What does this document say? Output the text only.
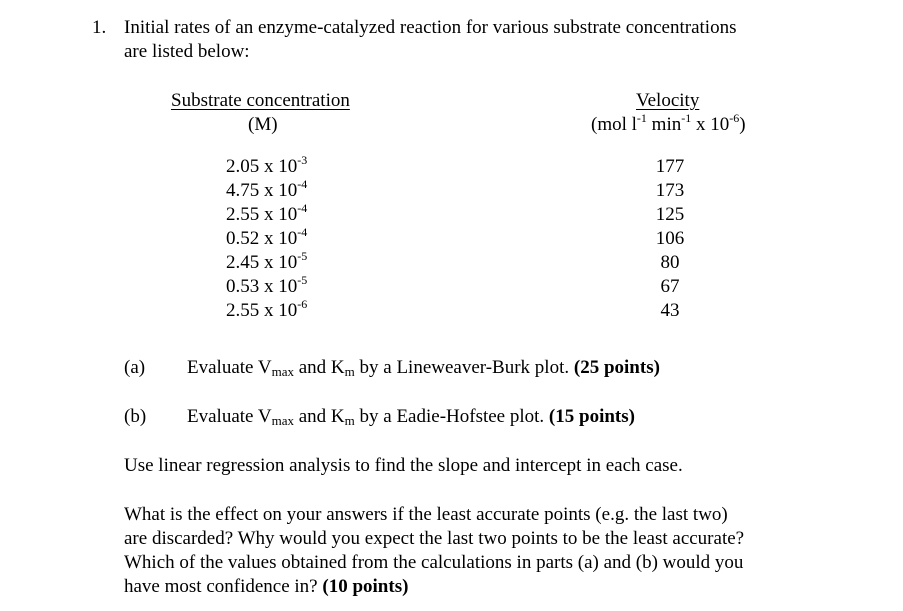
1. Initial rates of an enzyme-catalyzed reaction for various substrate concentrations
are listed below:
Substrate concentration
(M)
Velocity
(mol $l^{-1}$ $\min^{-1} x$ $10^{-6}$)
2.05 x $10^{-3}$
4.75 x $10^{-4}$
2.55 x $10^{-4}$
0.52 x $10^{-4}$
2.45 x $10^{-5}$
0.53 x $10^{-5}$
2.55 x $10^{-6}$
177
173
125
106
80
67
43
(a) Evaluate $V_{max}$ and $K_m$ by a Lineweaver-Burk plot. (25 points)
(b) Evaluate $V_{max}$ and $K_m$ by a Eadie-Hofstee plot. (15 points)
Use linear regression analysis to find the slope and intercept in each case.
What is the effect on your answers if the least accurate points (e.g. the last two)
are discarded? Why would you expect the last two points to be the least accurate?
Which of the values obtained from the calculations in parts (a) and (b) would you
have most confidence in? (10 points)
